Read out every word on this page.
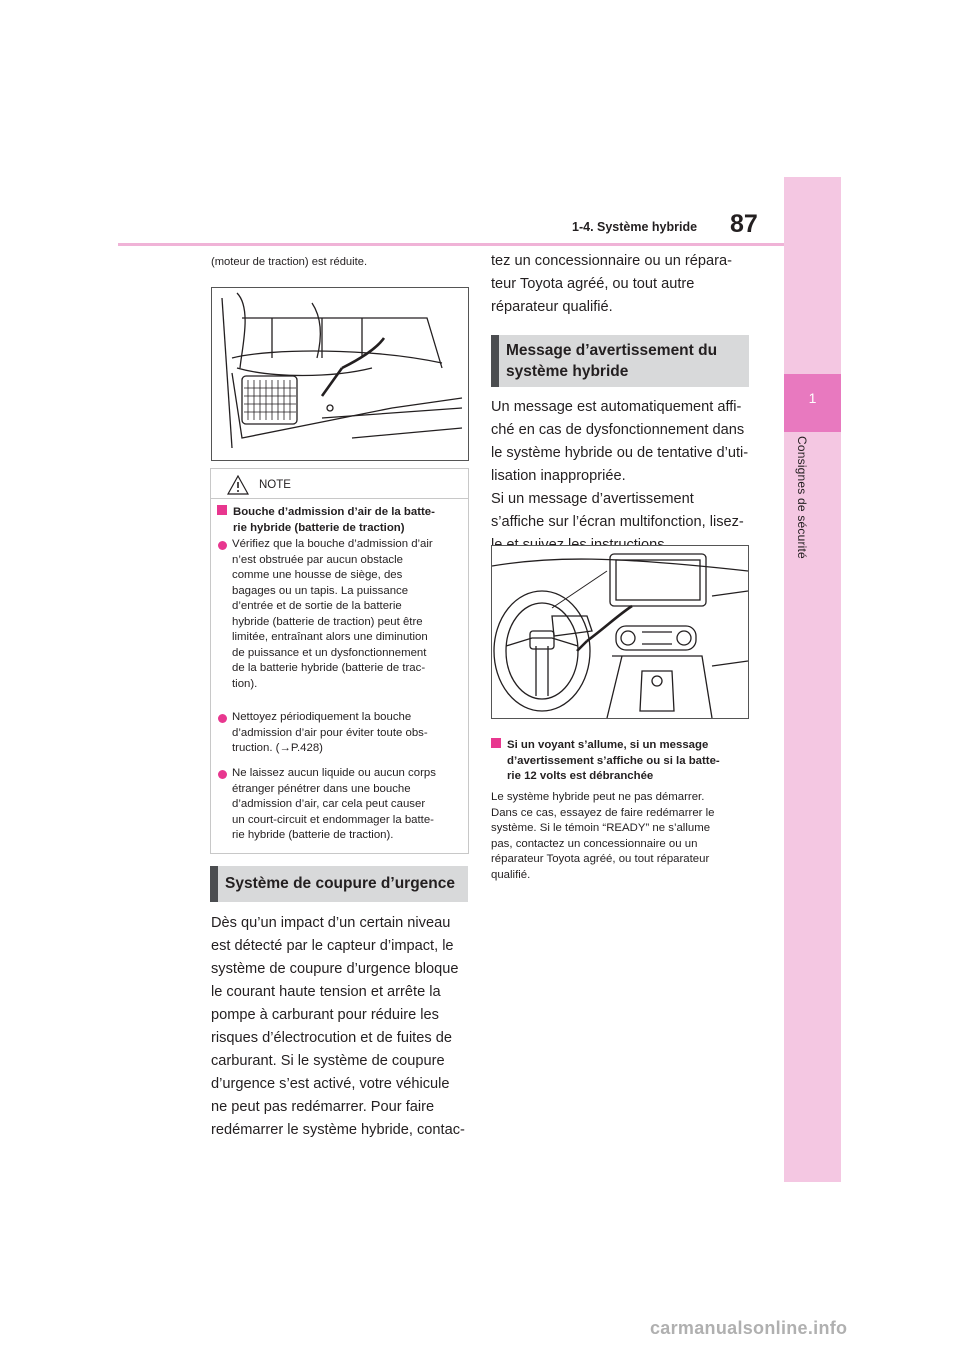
1-4. Système hybride 87
1
Consignes de sécurité
(moteur de traction) est réduite.
NOTE
Bouche d’admission d’air de la batte-
rie hybride (batterie de traction)
Vérifiez que la bouche d’admission d’air
n’est obstruée par aucun obstacle
comme une housse de siège, des
bagages ou un tapis. La puissance
d’entrée et de sortie de la batterie
hybride (batterie de traction) peut être
limitée, entraînant alors une diminution
de puissance et un dysfonctionnement
de la batterie hybride (batterie de trac-
tion).
Nettoyez périodiquement la bouche
d’admission d’air pour éviter toute obs-
truction. (→P.428)
Ne laissez aucun liquide ou aucun corps
étranger pénétrer dans une bouche
d’admission d’air, car cela peut causer
un court-circuit et endommager la batte-
rie hybride (batterie de traction).
Système de coupure d’urgence
Dès qu’un impact d’un certain niveau
est détecté par le capteur d’impact, le
système de coupure d’urgence bloque
le courant haute tension et arrête la
pompe à carburant pour réduire les
risques d’électrocution et de fuites de
carburant. Si le système de coupure
d’urgence s’est activé, votre véhicule
ne peut pas redémarrer. Pour faire
redémarrer le système hybride, contac-
tez un concessionnaire ou un répara-
teur Toyota agréé, ou tout autre
réparateur qualifié.
Message d’avertissement du
système hybride
Un message est automatiquement affi-
ché en cas de dysfonctionnement dans
le système hybride ou de tentative d’uti-
lisation inappropriée.
Si un message d’avertissement
s’affiche sur l’écran multifonction, lisez-
Si un voyant s’allume, si un message
d’avertissement s’affiche ou si la batte-
rie 12 volts est débranchée
Le système hybride peut ne pas démarrer.
Dans ce cas, essayez de faire redémarrer le
système. Si le témoin “READY” ne s’allume
pas, contactez un concessionnaire ou un
réparateur Toyota agréé, ou tout réparateur
qualifié.
carmanualsonline.info
